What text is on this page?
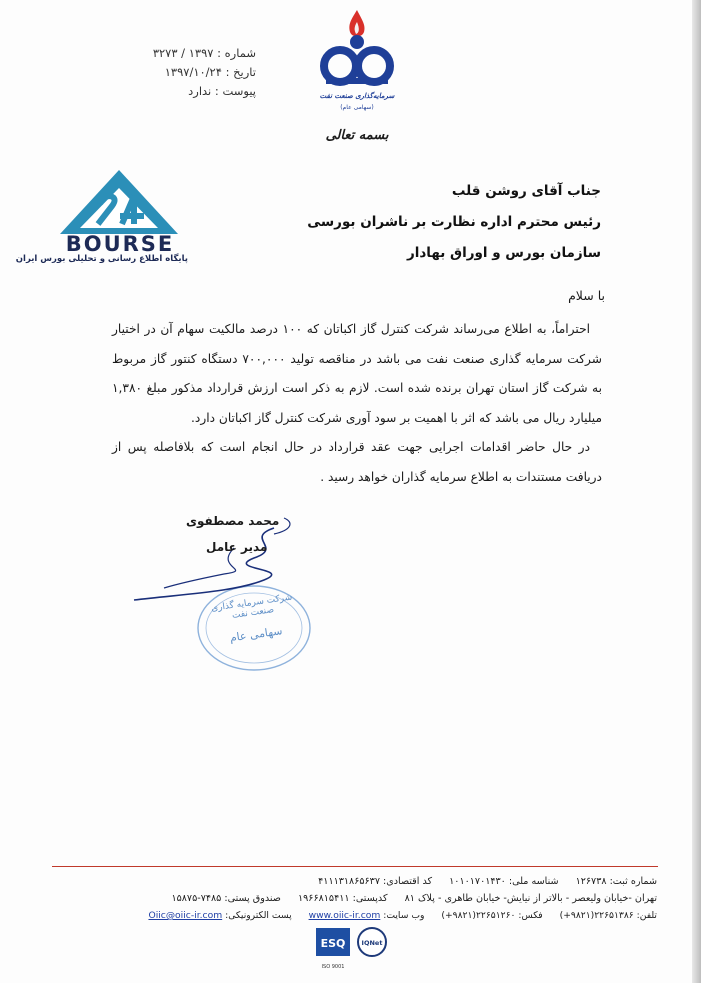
شماره : ۱۳۹۷ / ۳۲۷۳
تاریخ : ۱۳۹۷/۱۰/۲۴
پیوست : ندارد	سرمایه‌گذاری صنعت نفت
(سهامی عام)
بسمه تعالی
BOURSE
پایگاه اطلاع رسانی و تحلیلی بورس ایران
جناب آقای روشن قلب
رئیس محترم اداره نظارت بر ناشران بورسی
سازمان بورس و اوراق بهادار
با سلام

احتراماً، به اطلاع می‌رساند شرکت کنترل گاز اکباتان که ۱۰۰ درصد مالکیت سهام آن در اختیار شرکت سرمایه گذاری صنعت نفت می باشد در مناقصه تولید ۷۰۰,۰۰۰ دستگاه کنتور گاز مربوط به شرکت گاز استان تهران برنده شده است. لازم به ذکر است ارزش قرارداد مذکور مبلغ ۱,۳۸۰ میلیارد ریال می باشد که اثر با اهمیت بر سود آوری شرکت کنترل گاز اکباتان دارد.

در حال حاضر اقدامات اجرایی جهت عقد قرارداد در حال انجام است که بلافاصله پس از دریافت مستندات به اطلاع سرمایه گذاران خواهد رسید .

شرکت سرمایه گذاری صنعت نفت
سهامی عام
محمد مصطفوی
مدیر عامل
شماره ثبت: ۱۲۶۷۳۸ شناسه ملی: ۱۰۱۰۱۷۰۱۴۳۰ کد اقتصادی: ۴۱۱۱۳۱۸۶۵۶۳۷
تهران -خیابان ولیعصر - بالاتر از نیایش- خیابان طاهری - پلاک ۸۱ کدپستی: ۱۹۶۶۸۱۵۴۱۱ صندوق پستی: ۷۴۸۵-۱۵۸۷۵
تلفن: ۲۲۶۵۱۳۸۶(۹۸۲۱+) فکس: ۲۲۶۵۱۲۶۰(۹۸۲۱+) وب سایت: www.oiic-ir.com پست الکترونیکی: Oiic@oiic-ir.com
ESQ IQNet
ISO 9001
